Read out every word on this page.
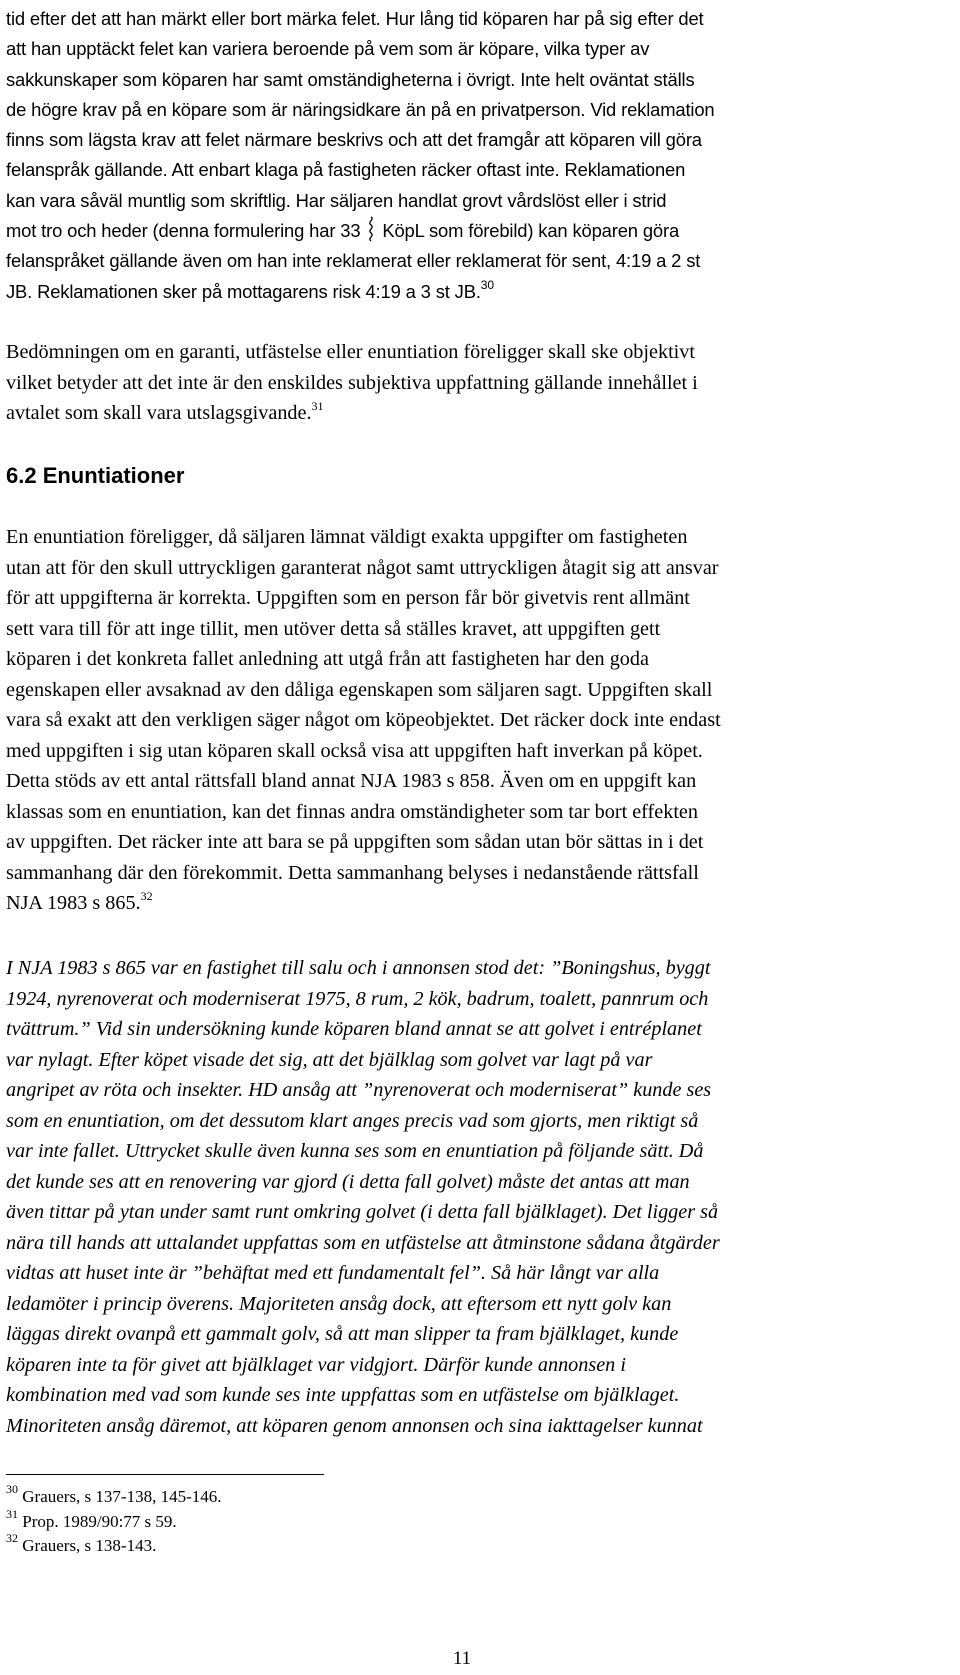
tid efter det att han märkt eller bort märka felet. Hur lång tid köparen har på sig efter det
att han upptäckt felet kan variera beroende på vem som är köpare, vilka typer av
sakkunskaper som köparen har samt omständigheterna i övrigt. Inte helt oväntat ställs
de högre krav på en köpare som är näringsidkare än på en privatperson. Vid reklamation
finns som lägsta krav att felet närmare beskrivs och att det framgår att köparen vill göra
felanspråk gällande. Att enbart klaga på fastigheten räcker oftast inte. Reklamationen
kan vara såväl muntlig som skriftlig. Har säljaren handlat grovt vårdslöst eller i strid
mot tro och heder (denna formulering har 33 KöpL som förebild) kan köparen göra
felanspråket gällande även om han inte reklamerat eller reklamerat för sent, 4:19 a 2 st
JB. Reklamationen sker på mottagarens risk 4:19 a 3 st JB.$^{30}$
Bedömningen om en garanti, utfästelse eller enuntiation föreligger skall ske objektivt
vilket betyder att det inte är den enskildes subjektiva uppfattning gällande innehållet i
avtalet som skall vara utslagsgivande.$^{31}$
6.2 Enuntiationer
En enuntiation föreligger, då säljaren lämnat väldigt exakta uppgifter om fastigheten
utan att för den skull uttryckligen garanterat något samt uttryckligen åtagit sig att ansvar
för att uppgifterna är korrekta. Uppgiften som en person får bör givetvis rent allmänt
sett vara till för att inge tillit, men utöver detta så ställes kravet, att uppgiften gett
köparen i det konkreta fallet anledning att utgå från att fastigheten har den goda
egenskapen eller avsaknad av den dåliga egenskapen som säljaren sagt. Uppgiften skall
vara så exakt att den verkligen säger något om köpeobjektet. Det räcker dock inte endast
med uppgiften i sig utan köparen skall också visa att uppgiften haft inverkan på köpet.
Detta stöds av ett antal rättsfall bland annat NJA 1983 s 858. Även om en uppgift kan
klassas som en enuntiation, kan det finnas andra omständigheter som tar bort effekten
av uppgiften. Det räcker inte att bara se på uppgiften som sådan utan bör sättas in i det
sammanhang där den förekommit. Detta sammanhang belyses i nedanstående rättsfall
NJA 1983 s 865.32
I NJA 1983 s 865 var en fastighet till salu och i annonsen stod det: ”Boningshus, byggt
1924, nyrenoverat och moderniserat 1975, 8 rum, 2 kök, badrum, toalett, pannrum och
tvättrum.” Vid sin undersökning kunde köparen bland annat se att golvet i entréplanet
var nylagt. Efter köpet visade det sig, att det bjälklag som golvet var lagt på var
angripet av röta och insekter. HD ansåg att ”nyrenoverat och moderniserat” kunde ses
som en enuntiation, om det dessutom klart anges precis vad som gjorts, men riktigt så
var inte fallet. Uttrycket skulle även kunna ses som en enuntiation på följande sätt. Då
det kunde ses att en renovering var gjord (i detta fall golvet) måste det antas att man
även tittar på ytan under samt runt omkring golvet (i detta fall bjälklaget). Det ligger så
nära till hands att uttalandet uppfattas som en utfästelse att åtminstone sådana åtgärder
vidtas att huset inte är ”behäftat med ett fundamentalt fel”. Så här långt var alla
ledamöter i princip överens. Majoriteten ansåg dock, att eftersom ett nytt golv kan
läggas direkt ovanpå ett gammalt golv, så att man slipper ta fram bjälklaget, kunde
köparen inte ta för givet att bjälklaget var vidgjort. Därför kunde annonsen i
kombination med vad som kunde ses inte uppfattas som en utfästelse om bjälklaget.
Minoriteten ansåg däremot, att köparen genom annonsen och sina iakttagelser kunnat
$^{30}$ Grauers, s 137-138, 145-146.
$^{31}$ Prop. 1989/90:77 s 59.
$^{32}$ Grauers, s 138-143.
11
